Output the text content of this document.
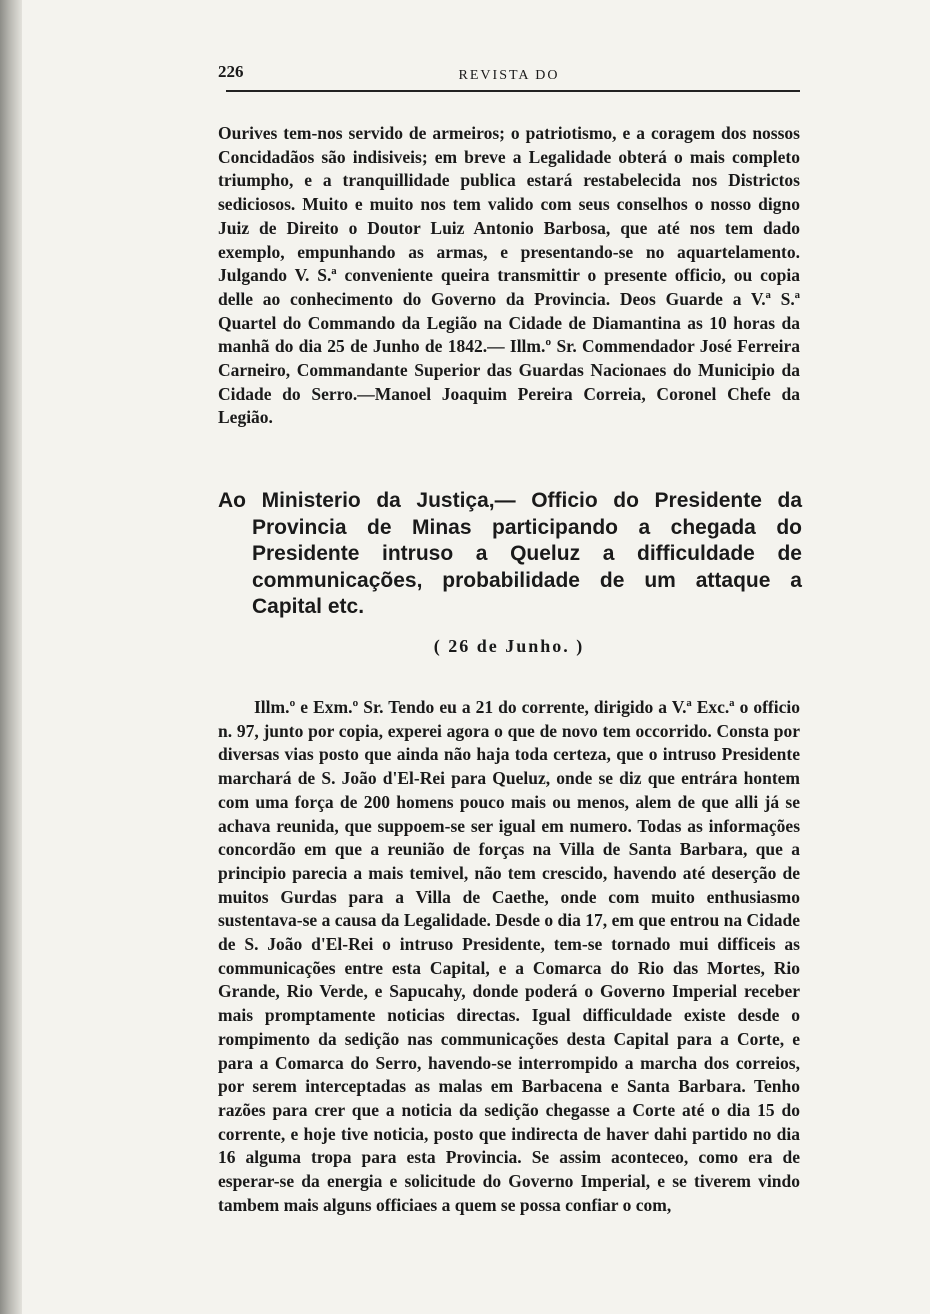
226	REVISTA DO

Ourives tem-nos servido de armeiros; o patriotismo, e a coragem dos nossos Concidadãos são indisiveis; em breve a Legalidade obterá o mais completo triumpho, e a tranquillidade publica estará restabelecida nos Districtos sediciosos. Muito e muito nos tem valido com seus conselhos o nosso digno Juiz de Direito o Doutor Luiz Antonio Barbosa, que até nos tem dado exemplo, empunhando as armas, e presentando-se no aquartelamento. Julgando V. S.ª conveniente queira transmittir o presente officio, ou copia delle ao conhecimento do Governo da Provincia. Deos Guarde a V.ª S.ª Quartel do Commando da Legião na Cidade de Diamantina as 10 horas da manhã do dia 25 de Junho de 1842.— Illm.º Sr. Commendador José Ferreira Carneiro, Commandante Superior das Guardas Nacionaes do Municipio da Cidade do Serro.—Manoel Joaquim Pereira Correia, Coronel Chefe da Legião.

Ao Ministerio da Justiça,— Officio do Presidente da Provincia de Minas participando a chegada do Presidente intruso a Queluz a difficuldade de communicações, probabilidade de um attaque a Capital etc.
( 26 de Junho. )

Illm.º e Exm.º Sr. Tendo eu a 21 do corrente, dirigido a V.ª Exc.ª o officio n. 97, junto por copia, experei agora o que de novo tem occorrido. Consta por diversas vias posto que ainda não haja toda certeza, que o intruso Presidente marchará de S. João d'El-Rei para Queluz, onde se diz que entrára hontem com uma força de 200 homens pouco mais ou menos, alem de que alli já se achava reunida, que suppoem-se ser igual em numero. Todas as informações concordão em que a reunião de forças na Villa de Santa Barbara, que a principio parecia a mais temivel, não tem crescido, havendo até deserção de muitos Gurdas para a Villa de Caethe, onde com muito enthusiasmo sustentava-se a causa da Legalidade. Desde o dia 17, em que entrou na Cidade de S. João d'El-Rei o intruso Presidente, tem-se tornado mui difficeis as communicações entre esta Capital, e a Comarca do Rio das Mortes, Rio Grande, Rio Verde, e Sapucahy, donde poderá o Governo Imperial receber mais promptamente noticias directas. Igual difficuldade existe desde o rompimento da sedição nas communicações desta Capital para a Corte, e para a Comarca do Serro, havendo-se interrompido a marcha dos correios, por serem interceptadas as malas em Barbacena e Santa Barbara. Tenho razões para crer que a noticia da sedição chegasse a Corte até o dia 15 do corrente, e hoje tive noticia, posto que indirecta de haver dahi partido no dia 16 alguma tropa para esta Provincia. Se assim aconteceo, como era de esperar-se da energia e solicitude do Governo Imperial, e se tiverem vindo tambem mais alguns officiaes a quem se possa confiar o com,
